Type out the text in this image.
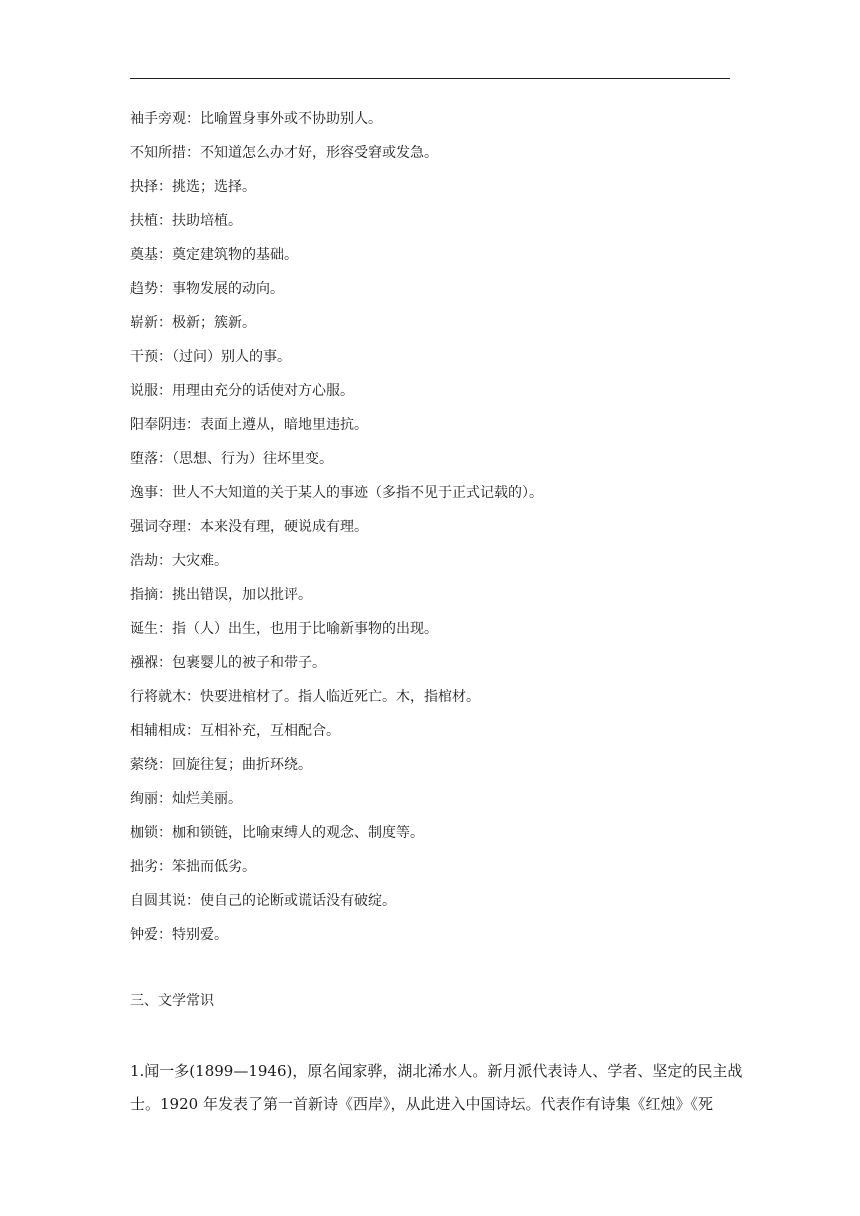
袖手旁观：比喻置身事外或不协助别人。
不知所措：不知道怎么办才好，形容受窘或发急。
抉择：挑选；选择。
扶植：扶助培植。
奠基：奠定建筑物的基础。
趋势：事物发展的动向。
崭新：极新；簇新。
干预：（过问）别人的事。
说服：用理由充分的话使对方心服。
阳奉阴违：表面上遵从，暗地里违抗。
堕落：（思想、行为）往坏里变。
逸事：世人不大知道的关于某人的事迹（多指不见于正式记载的）。
强词夺理：本来没有理，硬说成有理。
浩劫：大灾难。
指摘：挑出错误，加以批评。
诞生：指（人）出生，也用于比喻新事物的出现。
襁褓：包裹婴儿的被子和带子。
行将就木：快要进棺材了。指人临近死亡。木，指棺材。
相辅相成：互相补充，互相配合。
萦绕：回旋往复；曲折环绕。
绚丽：灿烂美丽。
枷锁：枷和锁链，比喻束缚人的观念、制度等。
拙劣：笨拙而低劣。
自圆其说：使自己的论断或谎话没有破绽。
钟爱：特别爱。
三、文学常识
1.闻一多(1899—1946)，原名闻家骅，湖北浠水人。新月派代表诗人、学者、坚定的民主战
士。1920 年发表了第一首新诗《西岸》，从此进入中国诗坛。代表作有诗集《红烛》《死
